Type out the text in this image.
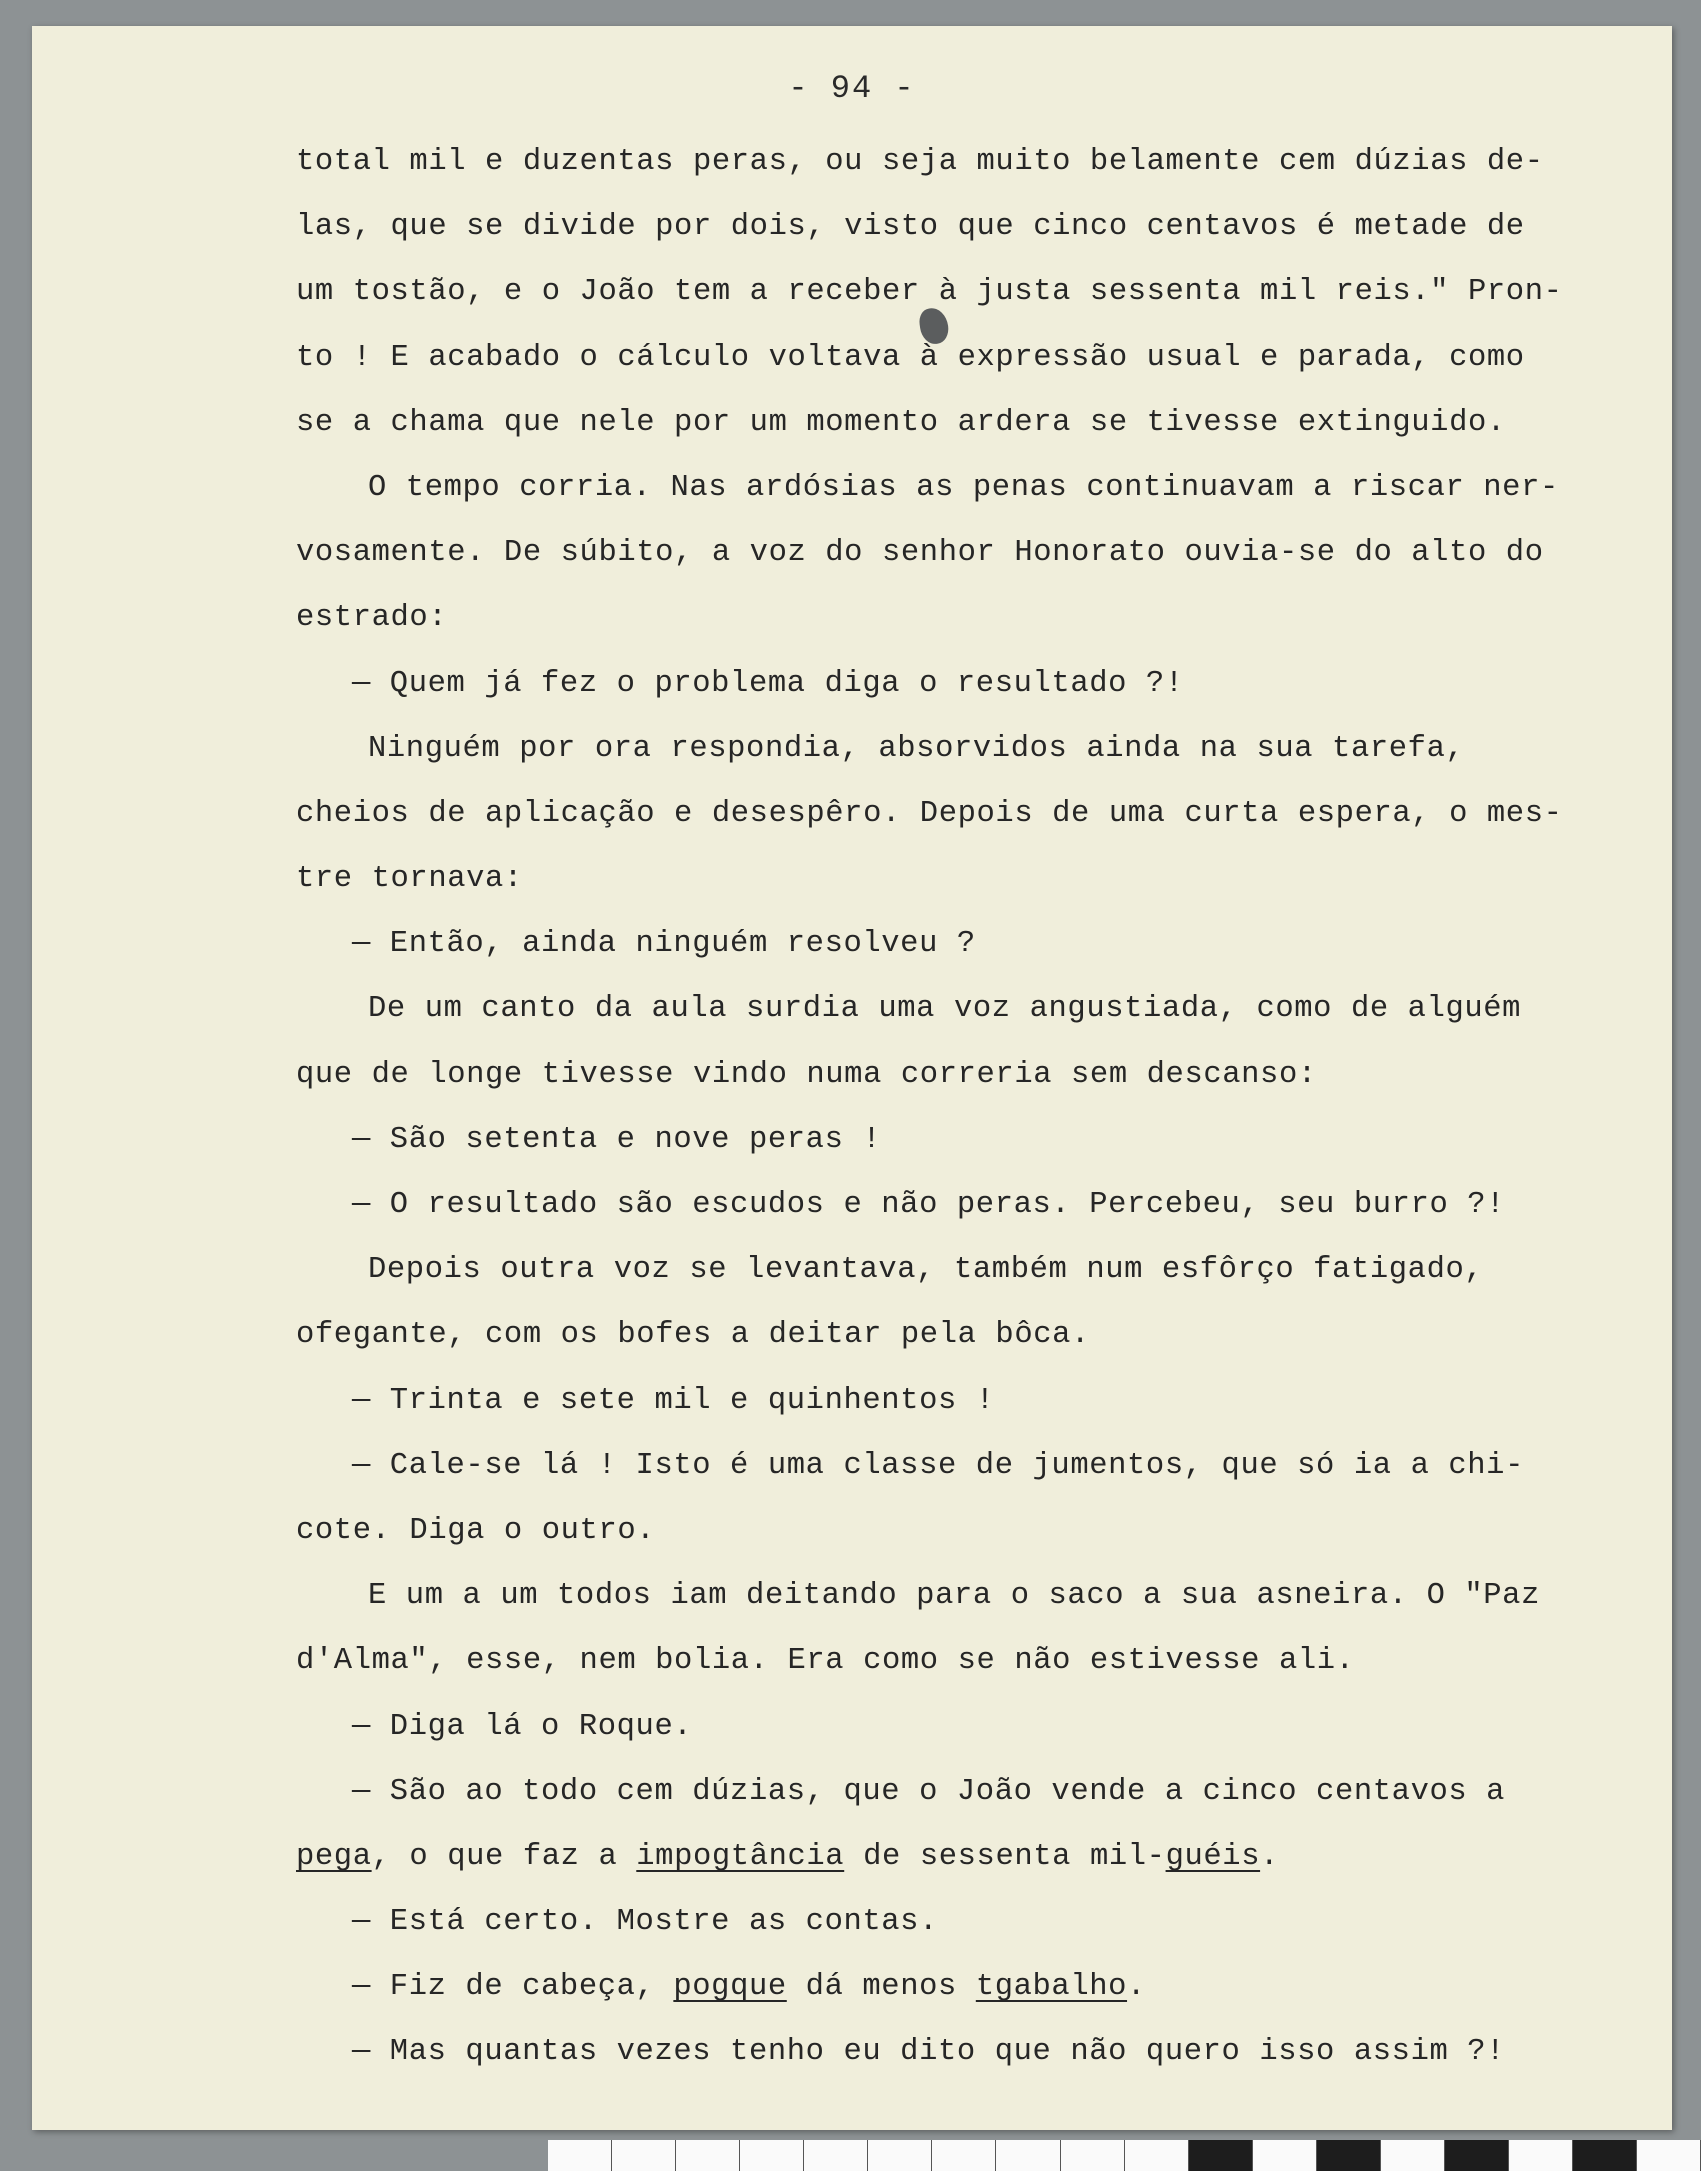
- 94 -
total mil e duzentas peras, ou seja muito belamente cem dúzias de-
las, que se divide por dois, visto que cinco centavos é metade de
um tostão, e o João tem a receber à justa sessenta mil reis." Pron-
to ! E acabado o cálculo voltava à expressão usual e parada, como
se a chama que nele por um momento ardera se tivesse extinguido.
O tempo corria. Nas ardósias as penas continuavam a riscar ner-
vosamente. De súbito, a voz do senhor Honorato ouvia-se do alto do
estrado:
— Quem já fez o problema diga o resultado ?!
Ninguém por ora respondia, absorvidos ainda na sua tarefa,
cheios de aplicação e desespêro. Depois de uma curta espera, o mes-
tre tornava:
— Então, ainda ninguém resolveu ?
De um canto da aula surdia uma voz angustiada, como de alguém
que de longe tivesse vindo numa correria sem descanso:
— São setenta e nove peras !
— O resultado são escudos e não peras. Percebeu, seu burro ?!
Depois outra voz se levantava, também num esfôrço fatigado,
ofegante, com os bofes a deitar pela bôca.
— Trinta e sete mil e quinhentos !
— Cale-se lá ! Isto é uma classe de jumentos, que só ia a chi-
cote. Diga o outro.
E um a um todos iam deitando para o saco a sua asneira. O "Paz
d'Alma", esse, nem bolia. Era como se não estivesse ali.
— Diga lá o Roque.
— São ao todo cem dúzias, que o João vende a cinco centavos a
pega, o que faz a impogtância de sessenta mil-guéis.
— Está certo. Mostre as contas.
— Fiz de cabeça, pogque dá menos tgabalho.
— Mas quantas vezes tenho eu dito que não quero isso assim ?!
